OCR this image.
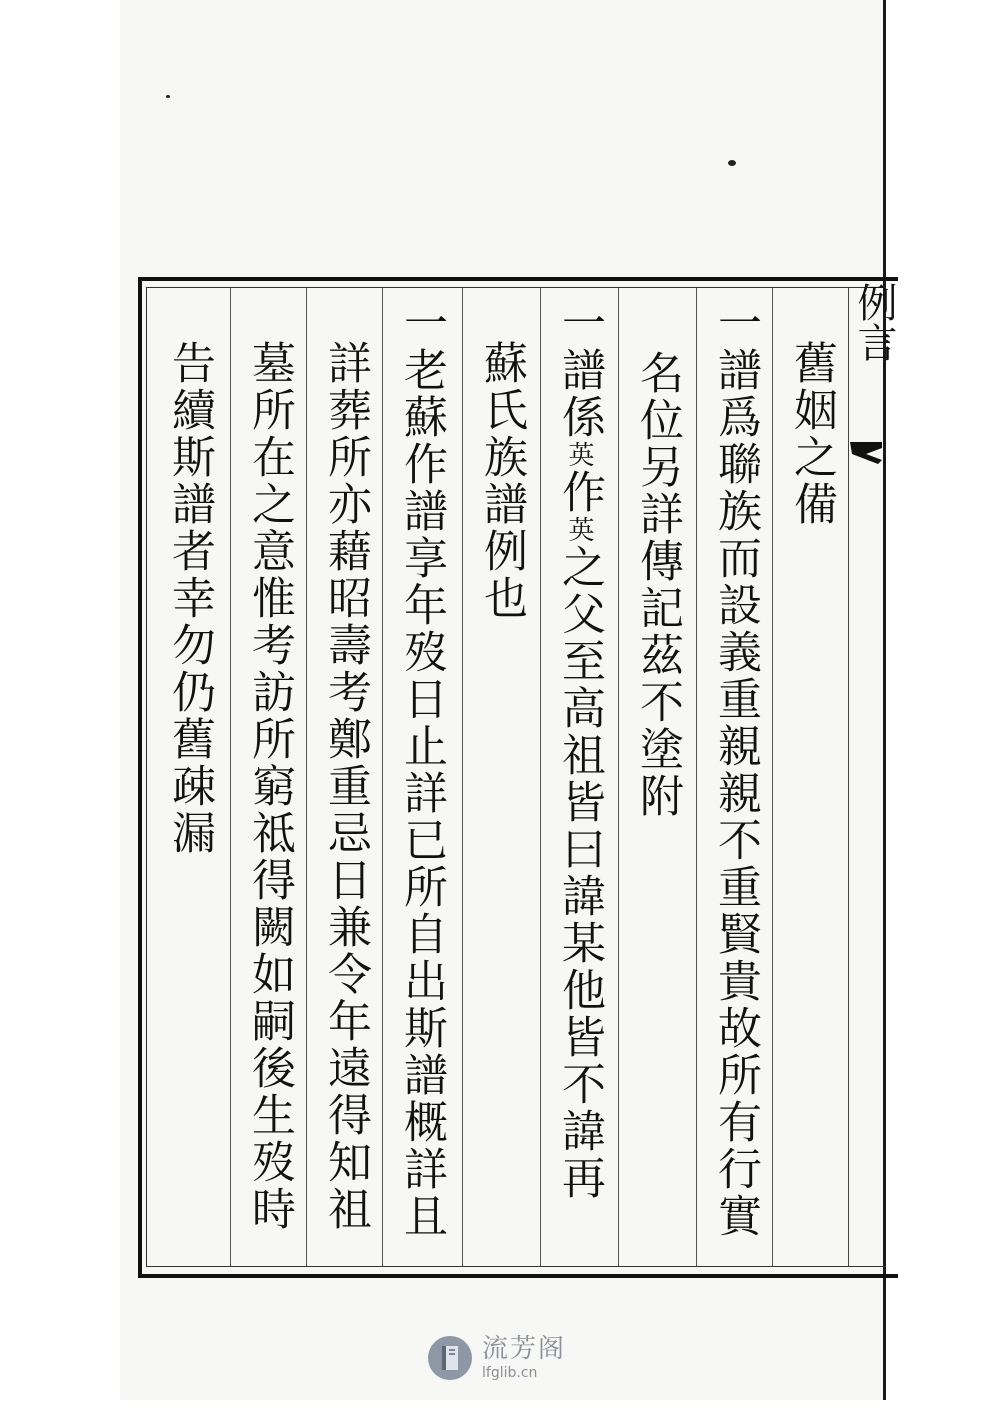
例言
舊姻之備
一譜爲聯族而設義重親親不重賢貴故所有行實
名位另詳傳記茲不塗附
一譜係英作英之父至高祖皆曰諱某他皆不諱再
蘇氏族譜例也
一老蘇作譜享年歿日止詳已所自出斯譜概詳且
詳葬所亦藉昭壽考鄭重忌日兼令年遠得知祖
墓所在之意惟考訪所窮祗得闕如嗣後生歿時
告續斯譜者幸勿仍舊疎漏
流芳阁
lfglib.cn
